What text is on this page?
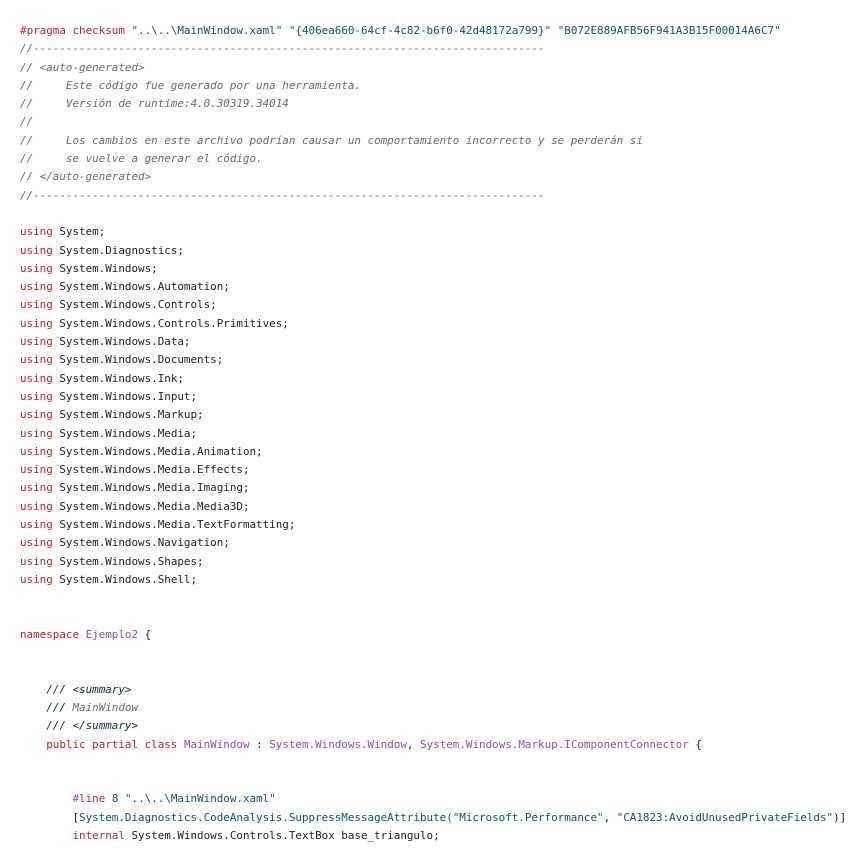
#pragma checksum "..\..\MainWindow.xaml" "{406ea660-64cf-4c82-b6f0-42d48172a799}" "B072E889AFB56F941A3B15F00014A6C7"
//------------------------------------------------------------------------------
// <auto-generated>
//     Este código fue generado por una herramienta.
//     Versión de runtime:4.0.30319.34014
//
//     Los cambios en este archivo podrían causar un comportamiento incorrecto y se perderán si
//     se vuelve a generar el código.
// </auto-generated>
//------------------------------------------------------------------------------

using System;
using System.Diagnostics;
using System.Windows;
using System.Windows.Automation;
using System.Windows.Controls;
using System.Windows.Controls.Primitives;
using System.Windows.Data;
using System.Windows.Documents;
using System.Windows.Ink;
using System.Windows.Input;
using System.Windows.Markup;
using System.Windows.Media;
using System.Windows.Media.Animation;
using System.Windows.Media.Effects;
using System.Windows.Media.Imaging;
using System.Windows.Media.Media3D;
using System.Windows.Media.TextFormatting;
using System.Windows.Navigation;
using System.Windows.Shapes;
using System.Windows.Shell;

namespace Ejemplo2 {

/// <summary>
/// MainWindow
/// </summary>
public partial class MainWindow : System.Windows.Window, System.Windows.Markup.IComponentConnector {

#line 8 "..\..\MainWindow.xaml"
[System.Diagnostics.CodeAnalysis.SuppressMessageAttribute("Microsoft.Performance", "CA1823:AvoidUnusedPrivateFields")]
internal System.Windows.Controls.TextBox base_triangulo;
